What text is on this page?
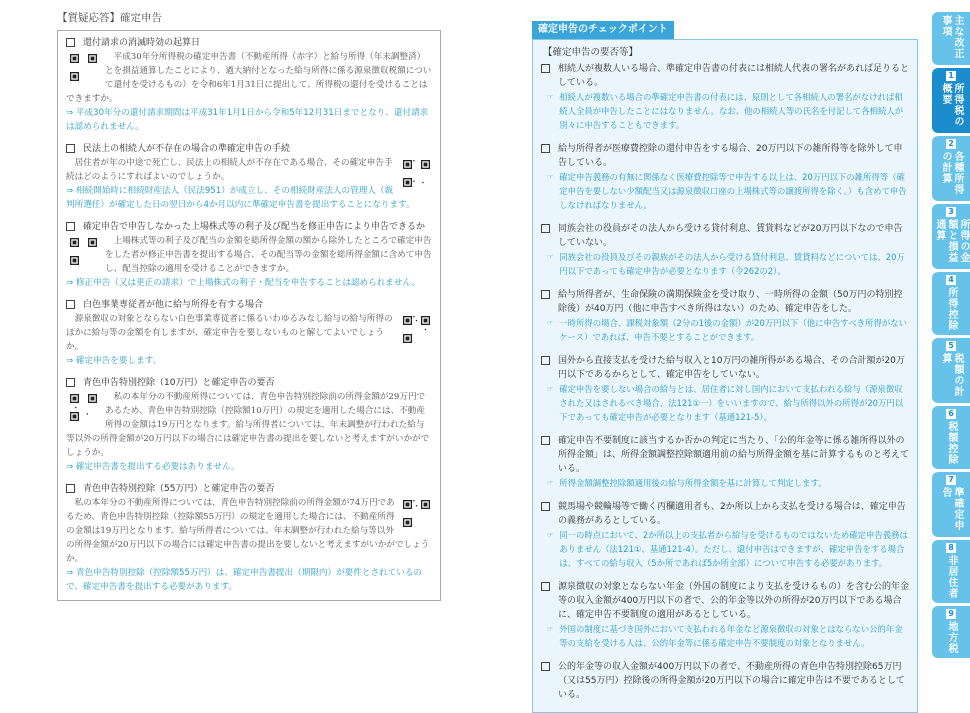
【質疑応答】確定申告
還付請求の消滅時効の起算日
平成30年分所得税の確定申告書（不動産所得（赤字）と給与所得（年末調整済）とを損益通算したことにより、過大納付となった給与所得に係る源泉徴収税額について還付を受けるもの）を令和6年1月31日に提出して、所得税の還付を受けることはできますか。
⇒ 平成30年分の還付請求期間は平成31年1月1日から令和5年12月31日までとなり、還付請求は認められません。
民法上の相続人が不存在の場合の準確定申告の手続
居住者が年の中途で死亡し、民法上の相続人が不存在である場合、その確定申告手続はどのようにすればよいのでしょうか。
⇒ 相続開始時に相続財産法人（民法951）が成立し、その相続財産法人の管理人（裁判所選任）が確定した日の翌日から4か月以内に準確定申告書を提出することになります。
確定申告で申告しなかった上場株式等の利子及び配当を修正申告により申告できるか
上場株式等の利子及び配当の金額を総所得金額の額から除外したところで確定申告をした者が修正申告書を提出する場合、その配当等の金額を総所得金額に含めて申告し、配当控除の適用を受けることができますか。
⇒ 修正申告（又は更正の請求）で上場株式の利子・配当を申告することは認められません。
白色事業専従者が他に給与所得を有する場合
源泉徴収の対象とならない白色事業専従者に係るいわゆるみなし給与の給与所得のほかに給与等の金額を有しますが、確定申告を要しないものと解してよいでしょうか。
⇒ 確定申告を要します。
青色申告特別控除（10万円）と確定申告の要否
私の本年分の不動産所得については、青色申告特別控除前の所得金額が29万円であるため、青色申告特別控除（控除額10万円）の規定を適用した場合には、不動産所得の金額は19万円となります。給与所得者については、年末調整が行われた給与等以外の所得金額が20万円以下の場合には確定申告書の提出を要しないと考えますがいかがでしょうか。
⇒ 確定申告書を提出する必要はありません。
青色申告特別控除（55万円）と確定申告の要否
私の本年分の不動産所得については、青色申告特別控除前の所得金額が74万円であるため、青色申告特別控除（控除額55万円）の規定を適用した場合には、不動産所得の金額は19万円となります。給与所得者については、年末調整が行われた給与等以外の所得金額が20万円以下の場合には確定申告書の提出を要しないと考えますがいかがでしょうか。
⇒ 青色申告特別控除（控除額55万円）は、確定申告書提出（期限内）が要件とされているので、確定申告書を提出する必要があります。
確定申告のチェックポイント
【確定申告の要否等】
相続人が複数人いる場合、準確定申告書の付表には相続人代表の署名があれば足りるとしている。
☞ 相続人が複数いる場合の準確定申告書の付表には、原則として各相続人の署名がなければ相続人全員が申告したことにはなりません。なお、他の相続人等の氏名を付記して各相続人が別々に申告することもできます。
給与所得者が医療費控除の還付申告をする場合、20万円以下の雑所得等を除外して申告している。
☞ 確定申告義務の有無に関係なく医療費控除等で申告する以上は、20万円以下の雑所得等（確定申告を要しない少額配当又は源泉徴収口座の上場株式等の譲渡所得を除く。）も含めて申告しなければなりません。
同族会社の役員がその法人から受ける貸付利息、賃貸料などが20万円以下なので申告していない。
☞ 同族会社の役員及びその親族がその法人から受ける貸付利息、賃貸料などについては、20万円以下であっても確定申告が必要となります（令262の2）。
給与所得者が、生命保険の満期保険金を受け取り、一時所得の金額（50万円の特別控除後）が40万円（他に申告すべき所得はない）のため、確定申告をした。
☞ 一時所得の場合、課税対象額（2分の1後の金額）が20万円以下（他に申告すべき所得がないケース）であれば、申告不要とすることができます。
国外から直接支払を受けた給与収入と10万円の雑所得がある場合、その合計額が20万円以下であるからとして、確定申告をしていない。
☞ 確定申告を要しない場合の給与とは、居住者に対し国内において支払われる給与（源泉徴収された又はされるべき場合、法121①一）をいいますので、給与所得以外の所得が20万円以下であっても確定申告が必要となります（基通121-5）。
確定申告不要制度に該当するか否かの判定に当たり、「公的年金等に係る雑所得以外の所得金額」は、所得金額調整控除額適用前の給与所得金額を基に計算するものと考えている。
☞ 所得金額調整控除額適用後の給与所得金額を基に計算して判定します。
競馬場や競輪場等で働く丙欄適用者も、2か所以上から支払を受ける場合は、確定申告の義務があるとしている。
☞ 同一の時点において、2か所以上の支払者から給与を受けるものではないため確定申告義務はありません（法121①、基通121-4）。ただし、還付申告はできますが、確定申告をする場合は、すべての給与収入（5か所であれば5か所全部）について申告する必要があります。
源泉徴収の対象とならない年金（外国の制度により支払を受けるもの）を含む公的年金等の収入金額が400万円以下の者で、公的年金等以外の所得が20万円以下である場合に、確定申告不要制度の適用があるとしている。
☞ 外国の制度に基づき国外において支払われる年金など源泉徴収の対象とはならない公的年金等の支給を受ける人は、公的年金等に係る確定申告不要制度の対象となりません。
公的年金等の収入金額が400万円以下の者で、不動産所得の青色申告特別控除65万円（又は55万円）控除後の所得金額が20万円以下の場合に確定申告は不要であるとしている。
主な改正事項
1
所得税の概要
2
各種所得の計算
3
所得の金額と損益通算
4
所得控除
5
税額の計算
6
税額控除
7
準確定申告
8
非居住者
9
地方税
